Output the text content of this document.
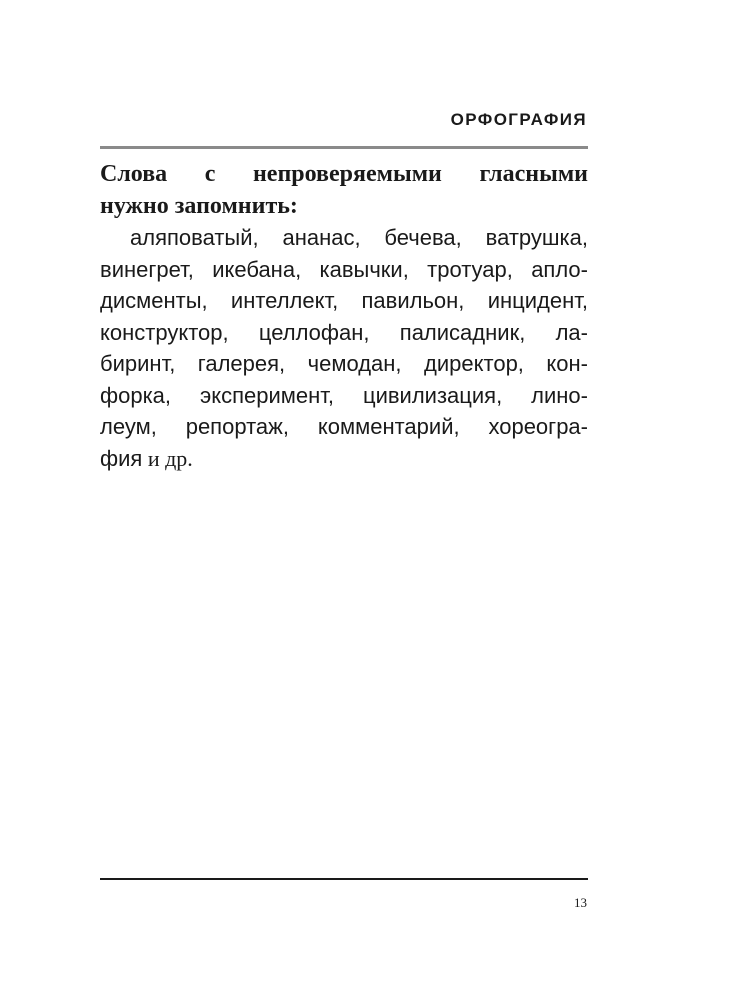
ОРФОГРАФИЯ

Слова с непроверяемыми гласными
нужно запомнить:

аляповатый, ананас, бечева, ватрушка,
винегрет, икебана, кавычки, тротуар, апло-
дисменты, интеллект, павильон, инцидент,
конструктор, целлофан, палисадник, ла-
биринт, галерея, чемодан, директор, кон-
форка, эксперимент, цивилизация, лино-
леум, репортаж, комментарий, хореогра-
фия и др.

13
